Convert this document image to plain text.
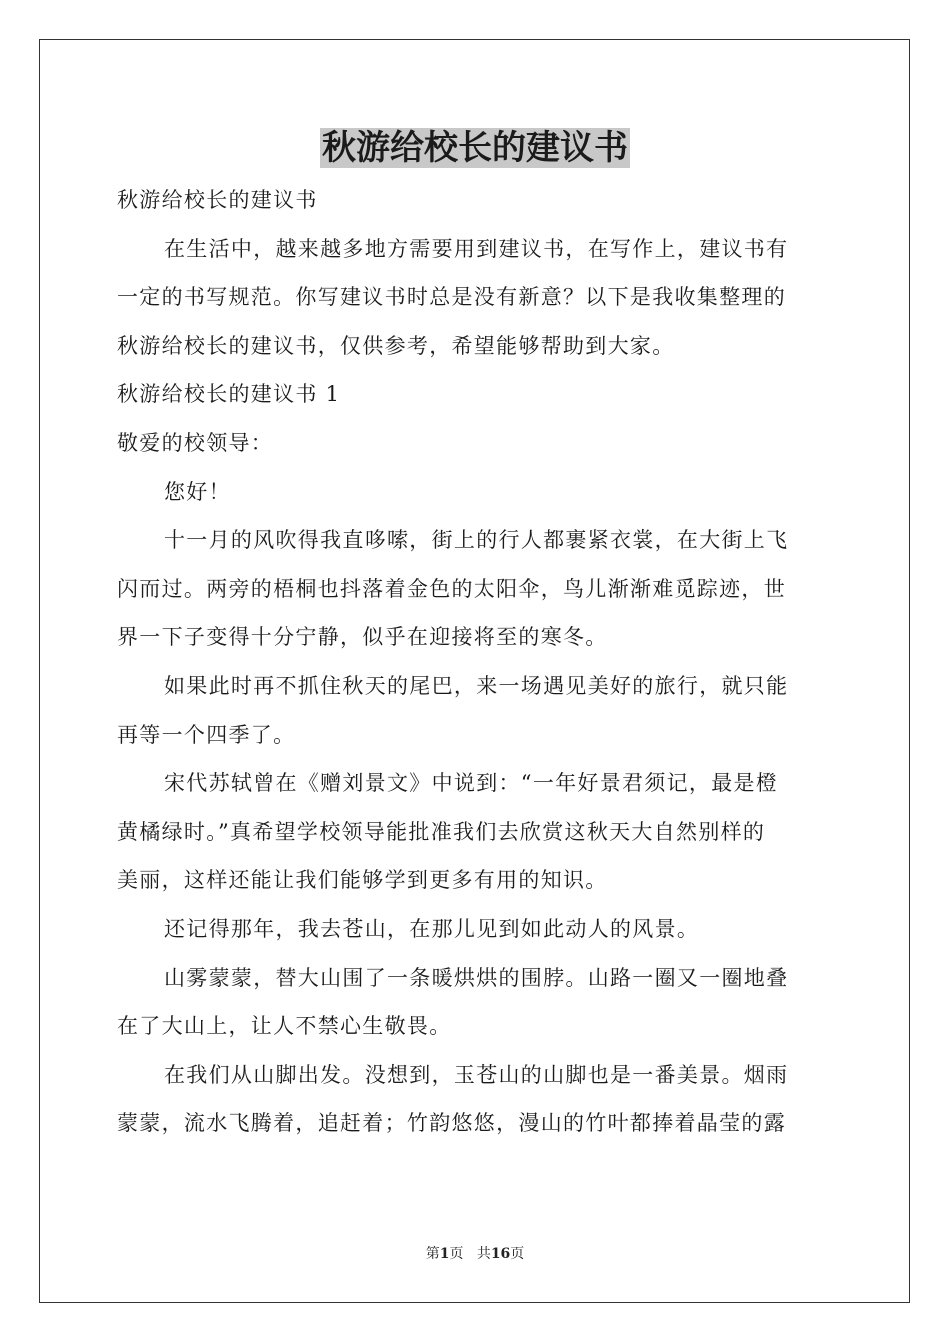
秋游给校长的建议书
秋游给校长的建议书
在生活中，越来越多地方需要用到建议书，在写作上，建议书有
一定的书写规范。你写建议书时总是没有新意？以下是我收集整理的
秋游给校长的建议书，仅供参考，希望能够帮助到大家。
秋游给校长的建议书 1
敬爱的校领导：
您好！
十一月的风吹得我直哆嗦，街上的行人都裹紧衣裳，在大街上飞
闪而过。两旁的梧桐也抖落着金色的太阳伞，鸟儿渐渐难觅踪迹，世
界一下子变得十分宁静，似乎在迎接将至的寒冬。
如果此时再不抓住秋天的尾巴，来一场遇见美好的旅行，就只能
再等一个四季了。
宋代苏轼曾在《赠刘景文》中说到：“一年好景君须记，最是橙
黄橘绿时。”真希望学校领导能批准我们去欣赏这秋天大自然别样的
美丽，这样还能让我们能够学到更多有用的知识。
还记得那年，我去苍山，在那儿见到如此动人的风景。
山雾蒙蒙，替大山围了一条暖烘烘的围脖。山路一圈又一圈地叠
在了大山上，让人不禁心生敬畏。
在我们从山脚出发。没想到，玉苍山的山脚也是一番美景。烟雨
蒙蒙，流水飞腾着，追赶着；竹韵悠悠，漫山的竹叶都捧着晶莹的露
第1页 共16页
